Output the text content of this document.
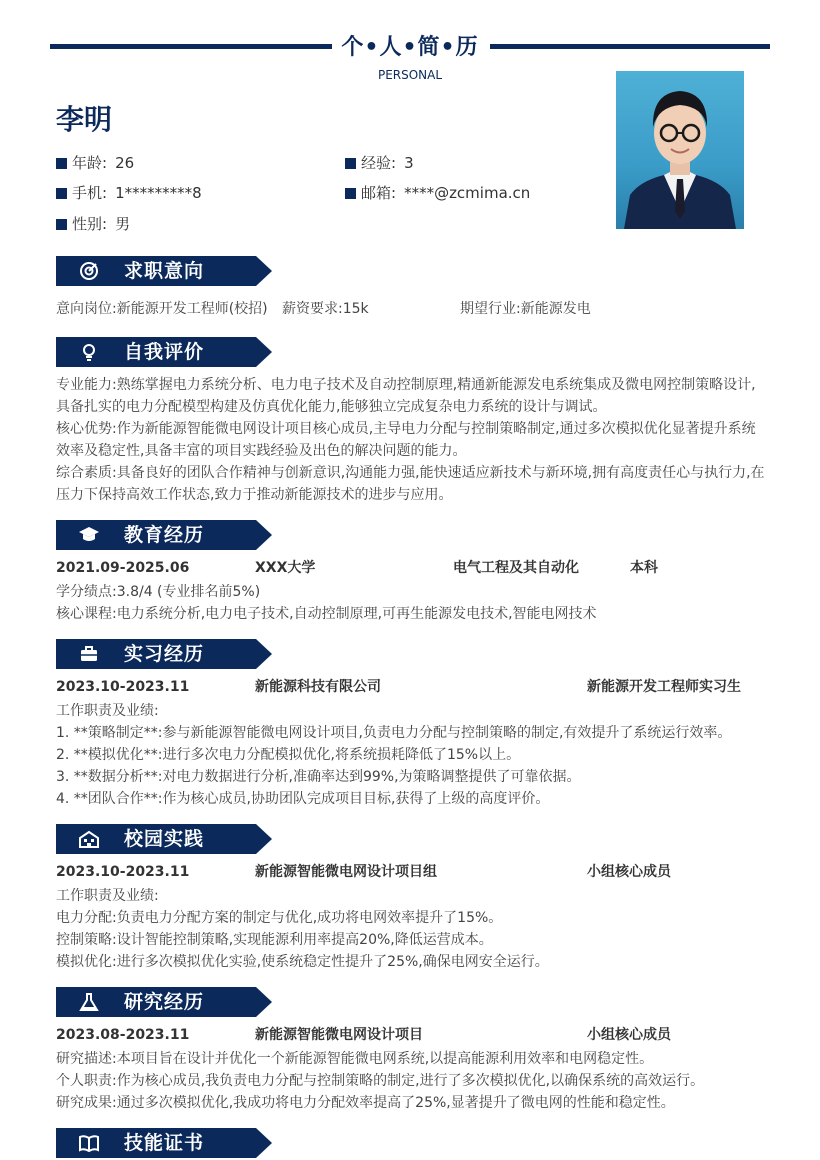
个•人•简•历
PERSONAL
李明
年龄: 26	经验: 3
手机: 1*********8	邮箱: ****@zcmima.cn
性别: 男
求职意向
意向岗位:新能源开发工程师(校招) 薪资要求:15k	期望行业:新能源发电
自我评价
专业能力:熟练掌握电力系统分析、电力电子技术及自动控制原理,精通新能源发电系统集成及微电网控制策略设计,具备扎实的电力分配模型构建及仿真优化能力,能够独立完成复杂电力系统的设计与调试。
核心优势:作为新能源智能微电网设计项目核心成员,主导电力分配与控制策略制定,通过多次模拟优化显著提升系统效率及稳定性,具备丰富的项目实践经验及出色的解决问题的能力。
综合素质:具备良好的团队合作精神与创新意识,沟通能力强,能快速适应新技术与新环境,拥有高度责任心与执行力,在压力下保持高效工作状态,致力于推动新能源技术的进步与应用。
教育经历
2021.09-2025.06	XXX大学	电气工程及其自动化	本科
学分绩点:3.8/4 (专业排名前5%)
核心课程:电力系统分析,电力电子技术,自动控制原理,可再生能源发电技术,智能电网技术
实习经历
2023.10-2023.11	新能源科技有限公司	新能源开发工程师实习生
工作职责及业绩:
1. **策略制定**:参与新能源智能微电网设计项目,负责电力分配与控制策略的制定,有效提升了系统运行效率。
2. **模拟优化**:进行多次电力分配模拟优化,将系统损耗降低了15%以上。
3. **数据分析**:对电力数据进行分析,准确率达到99%,为策略调整提供了可靠依据。
4. **团队合作**:作为核心成员,协助团队完成项目目标,获得了上级的高度评价。
校园实践
2023.10-2023.11	新能源智能微电网设计项目组	小组核心成员
工作职责及业绩:
电力分配:负责电力分配方案的制定与优化,成功将电网效率提升了15%。
控制策略:设计智能控制策略,实现能源利用率提高20%,降低运营成本。
模拟优化:进行多次模拟优化实验,使系统稳定性提升了25%,确保电网安全运行。
研究经历
2023.08-2023.11	新能源智能微电网设计项目	小组核心成员
研究描述:本项目旨在设计并优化一个新能源智能微电网系统,以提高能源利用效率和电网稳定性。
个人职责:作为核心成员,我负责电力分配与控制策略的制定,进行了多次模拟优化,以确保系统的高效运行。
研究成果:通过多次模拟优化,我成功将电力分配效率提高了25%,显著提升了微电网的性能和稳定性。
技能证书
